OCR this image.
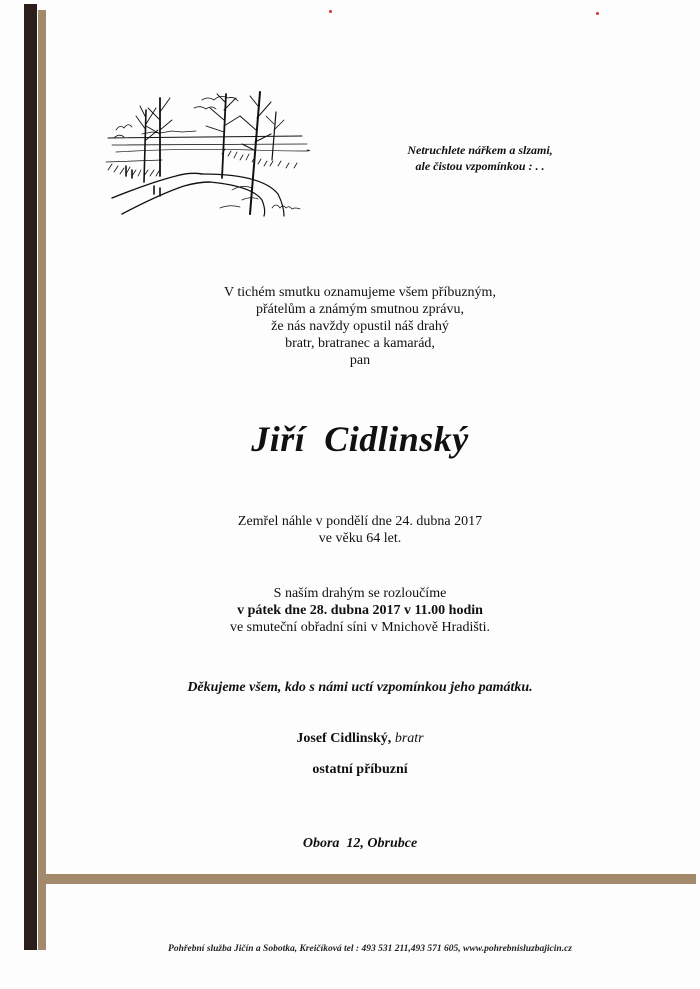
Netruchlete nářkem a slzami,
ale čistou vzpomínkou : . .
V tichém smutku oznamujeme všem příbuzným,
přátelům a známým smutnou zprávu,
že nás navždy opustil náš drahý
bratr, bratranec a kamarád,
pan
Jiří  Cidlinský
Zemřel náhle v pondělí dne 24. dubna 2017
ve věku 64 let.
S naším drahým se rozloučíme
v pátek dne 28. dubna 2017 v 11.00 hodin
ve smuteční obřadní síni v Mnichově Hradišti.
Děkujeme všem, kdo s námi uctí vzpomínkou jeho památku.
Josef Cidlinský, bratr
ostatní příbuzní
Obora  12, Obrubce
Pohřební služba Jičín a Sobotka, Kreičíková tel : 493 531 211,493 571 605, www.pohrebnisluzbajicin.cz
